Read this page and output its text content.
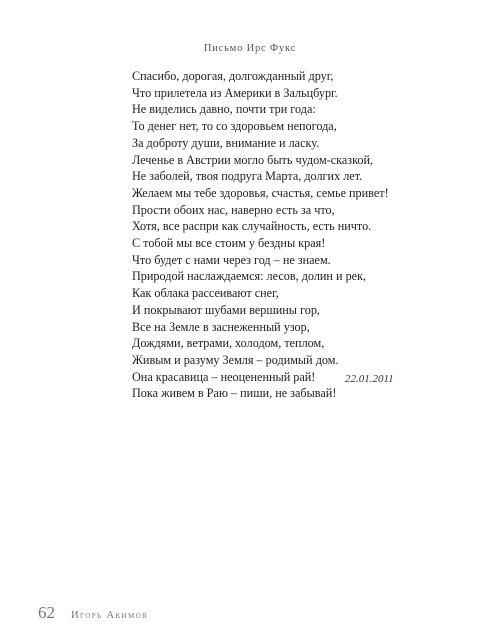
Письмо Ирс Фукс
Спасибо, дорогая, долгожданный друг,
Что прилетела из Америки в Зальцбург.
Не виделись давно, почти три года:
То денег нет, то со здоровьем непогода,
За доброту души, внимание и ласку.
Леченье в Австрии могло быть чудом-сказкой,
Не заболей, твоя подруга Марта, долгих лет.
Желаем мы тебе здоровья, счастья, семье привет!
Прости обоих нас, наверно есть за что,
Хотя, все распри как случайность, есть ничто.
С тобой мы все стоим у бездны края!
Что будет с нами через год – не знаем.
Природой наслаждаемся: лесов, долин и рек,
Как облака рассеивают снег,
И покрывают шубами вершины гор,
Все на Земле в заснеженный узор,
Дождями, ветрами, холодом, теплом,
Живым и разуму Земля – родимый дом.
Она красавица – неоцененный рай!
Пока живем в Раю – пиши, не забывай!
22.01.2011
62 Игорь Акимов
